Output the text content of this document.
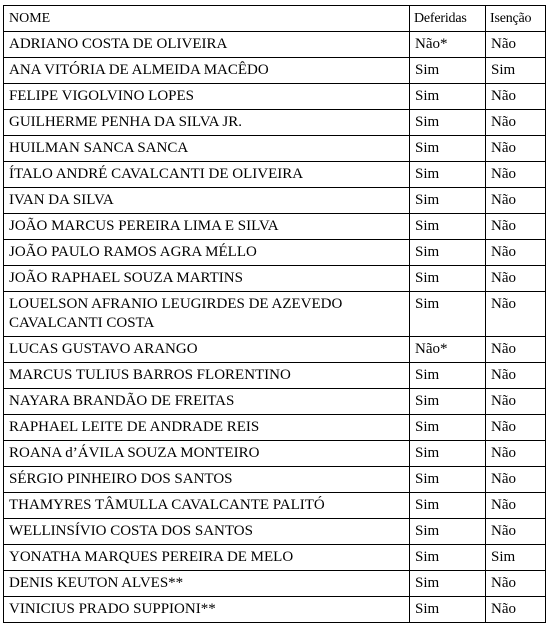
NOME	Deferidas	Isenção
ADRIANO COSTA DE OLIVEIRA	Não*	Não
ANA VITÓRIA DE ALMEIDA MACÊDO	Sim	Sim
FELIPE VIGOLVINO LOPES	Sim	Não
GUILHERME PENHA DA SILVA JR.	Sim	Não
HUILMAN SANCA SANCA	Sim	Não
ÍTALO ANDRÉ CAVALCANTI DE OLIVEIRA	Sim	Não
IVAN DA SILVA	Sim	Não
JOÃO MARCUS PEREIRA LIMA E SILVA	Sim	Não
JOÃO PAULO RAMOS AGRA MÉLLO	Sim	Não
JOÃO RAPHAEL SOUZA MARTINS	Sim	Não
LOUELSON AFRANIO LEUGIRDES DE AZEVEDO CAVALCANTI COSTA	Sim	Não
LUCAS GUSTAVO ARANGO	Não*	Não
MARCUS TULIUS BARROS FLORENTINO	Sim	Não
NAYARA BRANDÃO DE FREITAS	Sim	Não
RAPHAEL LEITE DE ANDRADE REIS	Sim	Não
ROANA d’ÁVILA SOUZA MONTEIRO	Sim	Não
SÉRGIO PINHEIRO DOS SANTOS	Sim	Não
THAMYRES TÂMULLA CAVALCANTE PALITÓ	Sim	Não
WELLINSÍVIO COSTA DOS SANTOS	Sim	Não
YONATHA MARQUES PEREIRA DE MELO	Sim	Sim
DENIS KEUTON ALVES**	Sim	Não
VINICIUS PRADO SUPPIONI**	Sim	Não
